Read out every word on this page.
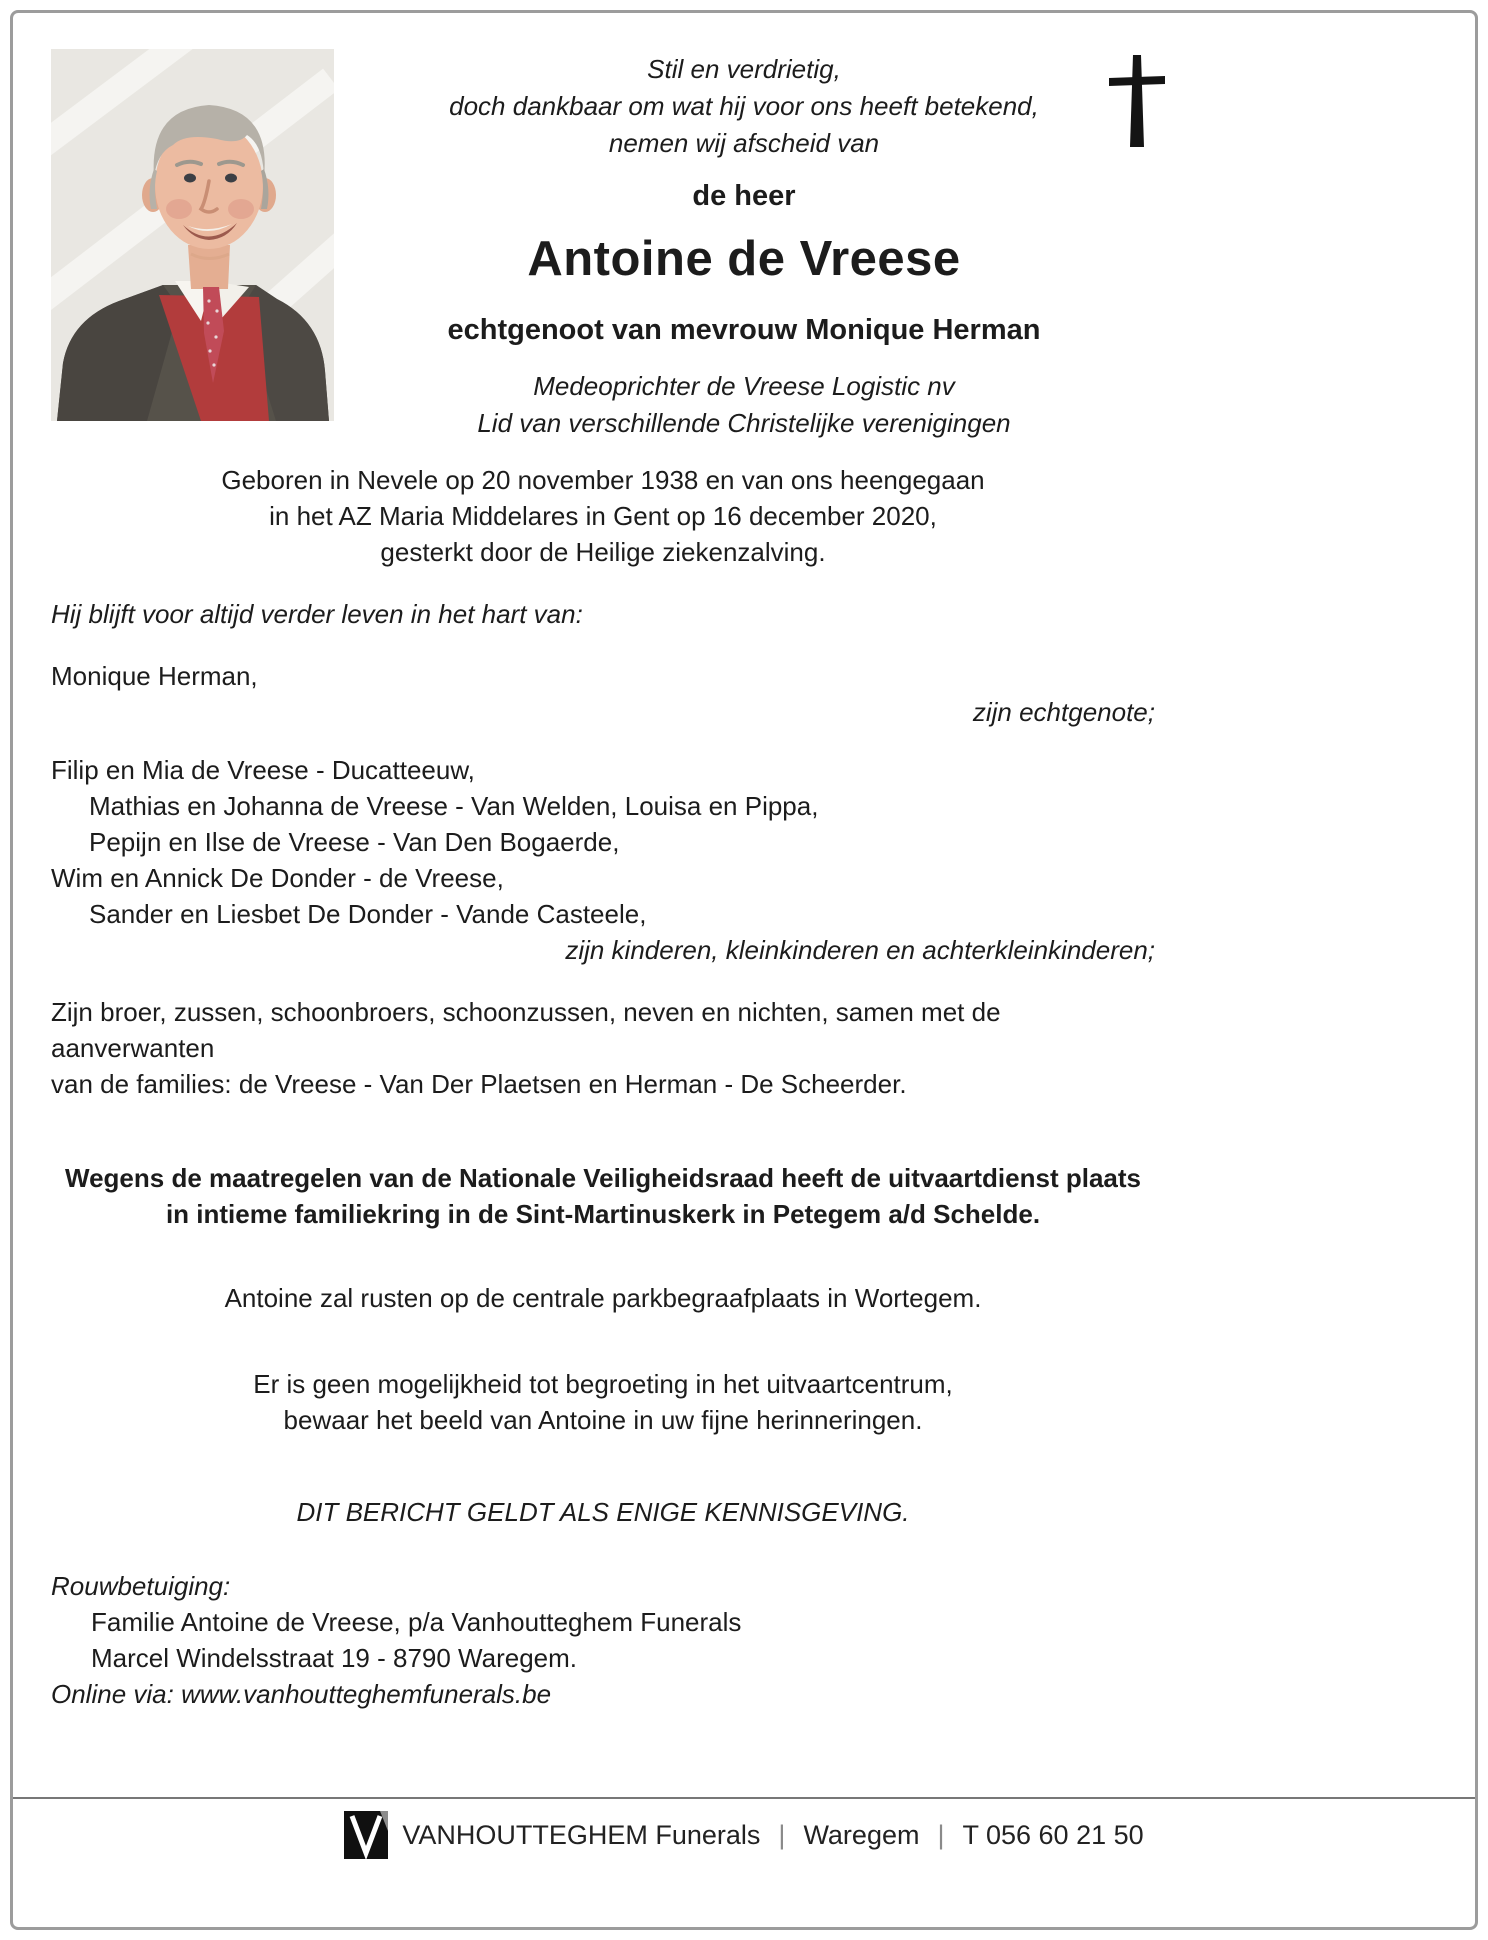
Stil en verdrietig,
doch dankbaar om wat hij voor ons heeft betekend,
nemen wij afscheid van
de heer
Antoine de Vreese
echtgenoot van mevrouw Monique Herman
Medeoprichter de Vreese Logistic nv
Lid van verschillende Christelijke verenigingen
Geboren in Nevele op 20 november 1938 en van ons heengegaan
in het AZ Maria Middelares in Gent op 16 december 2020,
gesterkt door de Heilige ziekenzalving.
Hij blijft voor altijd verder leven in het hart van:
Monique Herman,
zijn echtgenote;
Filip en Mia de Vreese - Ducatteeuw,
Mathias en Johanna de Vreese - Van Welden, Louisa en Pippa,
Pepijn en Ilse de Vreese - Van Den Bogaerde,
Wim en Annick De Donder - de Vreese,
Sander en Liesbet De Donder - Vande Casteele,
zijn kinderen, kleinkinderen en achterkleinkinderen;
Zijn broer, zussen, schoonbroers, schoonzussen, neven en nichten, samen met de aanverwanten
van de families: de Vreese - Van Der Plaetsen en Herman - De Scheerder.
Wegens de maatregelen van de Nationale Veiligheidsraad heeft de uitvaartdienst plaats
in intieme familiekring in de Sint-Martinuskerk in Petegem a/d Schelde.
Antoine zal rusten op de centrale parkbegraafplaats in Wortegem.
Er is geen mogelijkheid tot begroeting in het uitvaartcentrum,
bewaar het beeld van Antoine in uw fijne herinneringen.
DIT BERICHT GELDT ALS ENIGE KENNISGEVING.
Rouwbetuiging:
Familie Antoine de Vreese, p/a Vanhoutteghem Funerals
Marcel Windelsstraat 19 - 8790 Waregem.
Online via: www.vanhoutteghemfunerals.be
VANHOUTTEGHEM Funerals | Waregem | T 056 60 21 50
